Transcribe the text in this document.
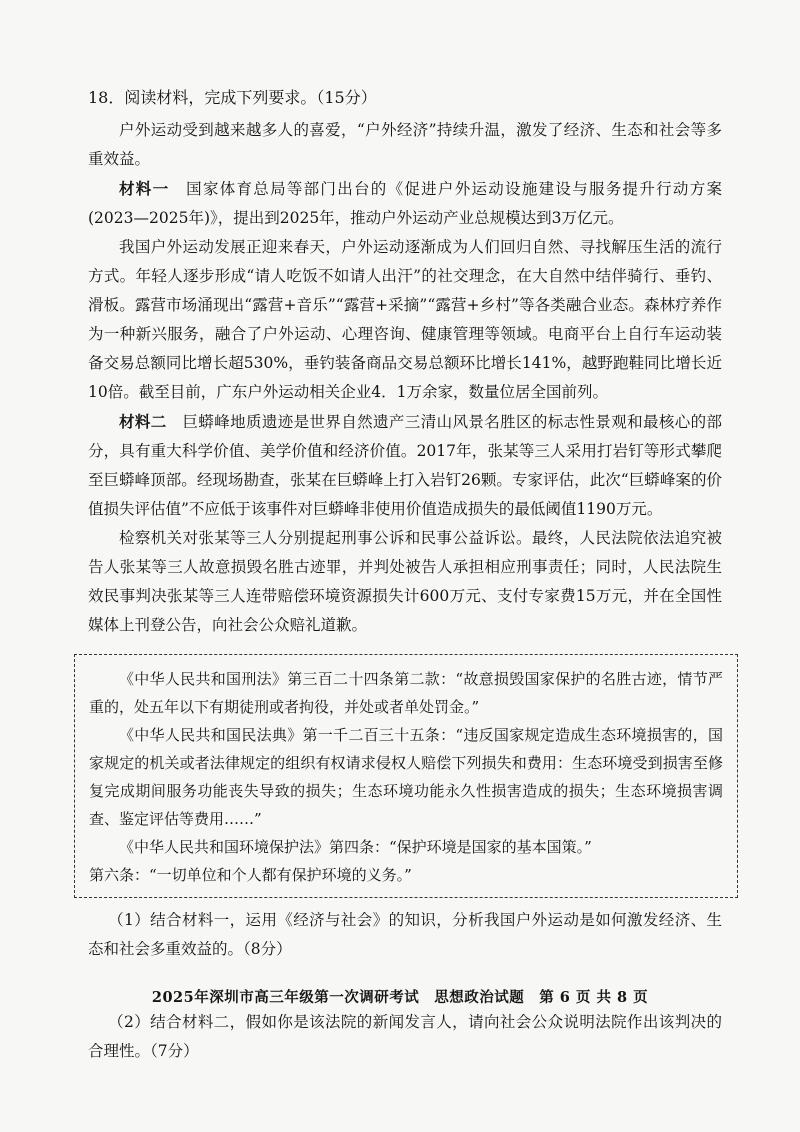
18．阅读材料，完成下列要求。（15分）

户外运动受到越来越多人的喜爱，“户外经济”持续升温，激发了经济、生态和社会等多重效益。

材料一　 国家体育总局等部门出台的《促进户外运动设施建设与服务提升行动方案(2023—2025年)》，提出到2025年，推动户外运动产业总规模达到3万亿元。

我国户外运动发展正迎来春天，户外运动逐渐成为人们回归自然、寻找解压生活的流行方式。年轻人逐步形成“请人吃饭不如请人出汗”的社交理念，在大自然中结伴骑行、垂钓、滑板。露营市场涌现出“露营+音乐”“露营+采摘”“露营+乡村”等各类融合业态。森林疗养作为一种新兴服务，融合了户外运动、心理咨询、健康管理等领域。电商平台上自行车运动装备交易总额同比增长超530%，垂钓装备商品交易总额环比增长141%，越野跑鞋同比增长近10倍。截至目前，广东户外运动相关企业4．1万余家，数量位居全国前列。

材料二　 巨蟒峰地质遗迹是世界自然遗产三清山风景名胜区的标志性景观和最核心的部分，具有重大科学价值、美学价值和经济价值。2017年，张某等三人采用打岩钉等形式攀爬至巨蟒峰顶部。经现场勘查，张某在巨蟒峰上打入岩钉26颗。专家评估，此次“巨蟒峰案的价值损失评估值”不应低于该事件对巨蟒峰非使用价值造成损失的最低阈值1190万元。

检察机关对张某等三人分别提起刑事公诉和民事公益诉讼。最终，人民法院依法追究被告人张某等三人故意损毁名胜古迹罪，并判处被告人承担相应刑事责任；同时，人民法院生效民事判决张某等三人连带赔偿环境资源损失计600万元、支付专家费15万元，并在全国性媒体上刊登公告，向社会公众赔礼道歉。

《中华人民共和国刑法》第三百二十四条第二款：“故意损毁国家保护的名胜古迹，情节严重的，处五年以下有期徒刑或者拘役，并处或者单处罚金。”

《中华人民共和国民法典》第一千二百三十五条：“违反国家规定造成生态环境损害的，国家规定的机关或者法律规定的组织有权请求侵权人赔偿下列损失和费用：生态环境受到损害至修复完成期间服务功能丧失导致的损失；生态环境功能永久性损害造成的损失；生态环境损害调查、鉴定评估等费用……”

《中华人民共和国环境保护法》第四条：“保护环境是国家的基本国策。”

第六条：“一切单位和个人都有保护环境的义务。”

（1）结合材料一，运用《经济与社会》的知识，分析我国户外运动是如何激发经济、生态和社会多重效益的。（8分）

（2）结合材料二，假如你是该法院的新闻发言人，请向社会公众说明法院作出该判决的合理性。（7分）

2025年深圳市高三年级第一次调研考试　思想政治试题　第 6 页 共 8 页
